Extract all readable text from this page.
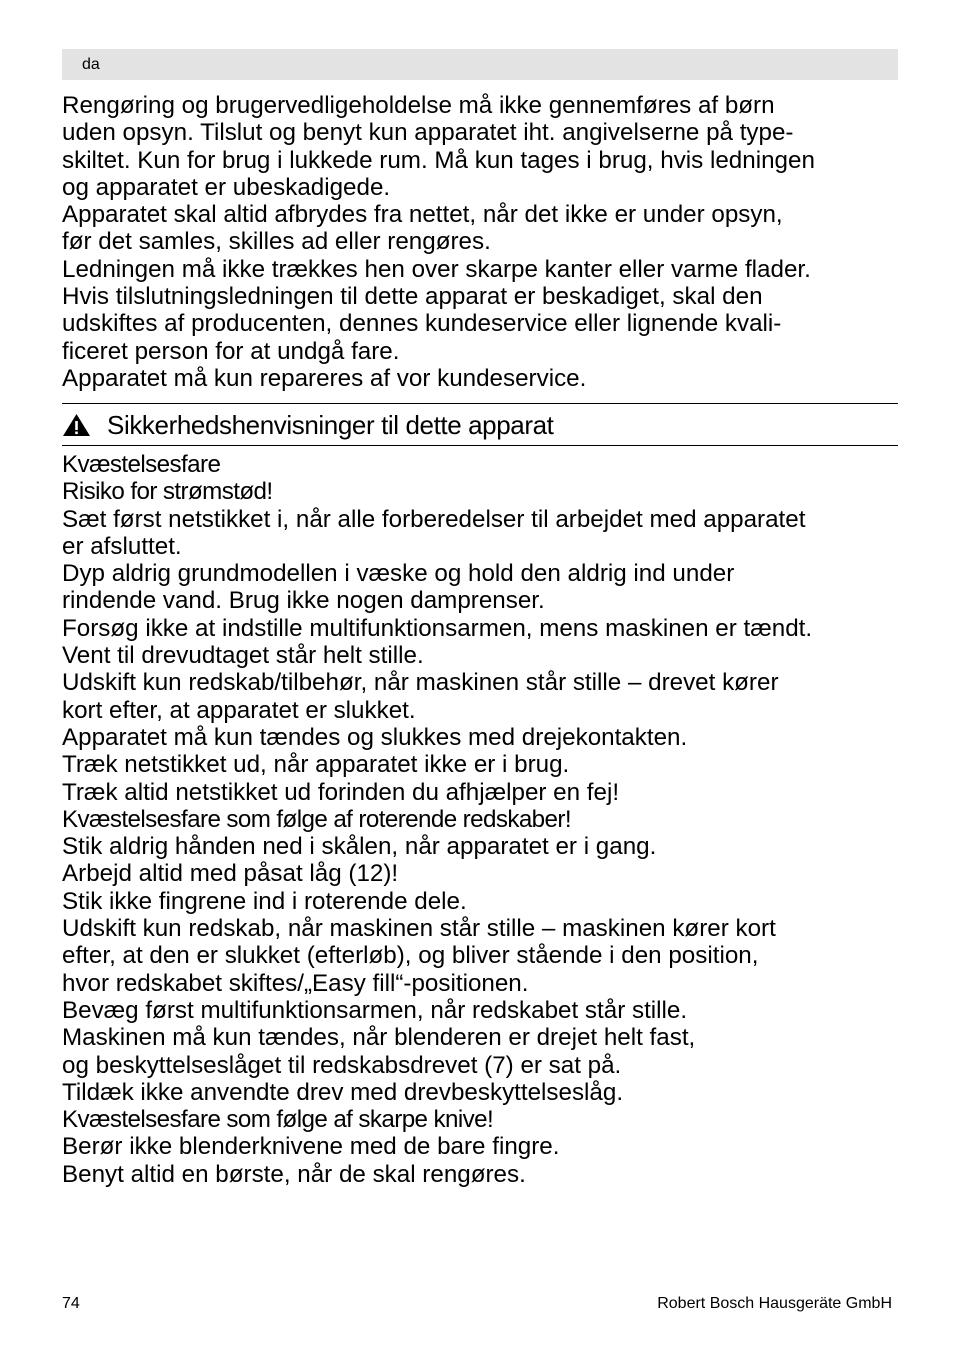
da
Rengøring og brugervedligeholdelse må ikke gennemføres af børn
uden opsyn. Tilslut og benyt kun apparatet iht. angivelserne på type-
skiltet. Kun for brug i lukkede rum. Må kun tages i brug, hvis ledningen
og apparatet er ubeskadigede.
Apparatet skal altid afbrydes fra nettet, når det ikke er under opsyn,
før det samles, skilles ad eller rengøres.
Ledningen må ikke trækkes hen over skarpe kanter eller varme flader.
Hvis tilslutningsledningen til dette apparat er beskadiget, skal den
udskiftes af producenten, dennes kundeservice eller lignende kvali-
ficeret person for at undgå fare.
Apparatet må kun repareres af vor kundeservice.
Sikkerhedshenvisninger til dette apparat
Kvæstelsesfare
Risiko for strømstød!
Sæt først netstikket i, når alle forberedelser til arbejdet med apparatet
er afsluttet.
Dyp aldrig grundmodellen i væske og hold den aldrig ind under
rindende vand. Brug ikke nogen damprenser.
Forsøg ikke at indstille multifunktionsarmen, mens maskinen er tændt.
Vent til drevudtaget står helt stille.
Udskift kun redskab/tilbehør, når maskinen står stille – drevet kører
kort efter, at apparatet er slukket.
Apparatet må kun tændes og slukkes med drejekontakten.
Træk netstikket ud, når apparatet ikke er i brug.
Træk altid netstikket ud forinden du afhjælper en fej!
Kvæstelsesfare som følge af roterende redskaber!
Stik aldrig hånden ned i skålen, når apparatet er i gang.
Arbejd altid med påsat låg (12)!
Stik ikke fingrene ind i roterende dele.
Udskift kun redskab, når maskinen står stille – maskinen kører kort
efter, at den er slukket (efterløb), og bliver stående i den position,
hvor redskabet skiftes/„Easy fill“-positionen.
Bevæg først multifunktionsarmen, når redskabet står stille.
Maskinen må kun tændes, når blenderen er drejet helt fast,
og beskyttelseslåget til redskabsdrevet (7) er sat på.
Tildæk ikke anvendte drev med drevbeskyttelseslåg.
Kvæstelsesfare som følge af skarpe knive!
Berør ikke blenderknivene med de bare fingre.
Benyt altid en børste, når de skal rengøres.
74	Robert Bosch Hausgeräte GmbH
